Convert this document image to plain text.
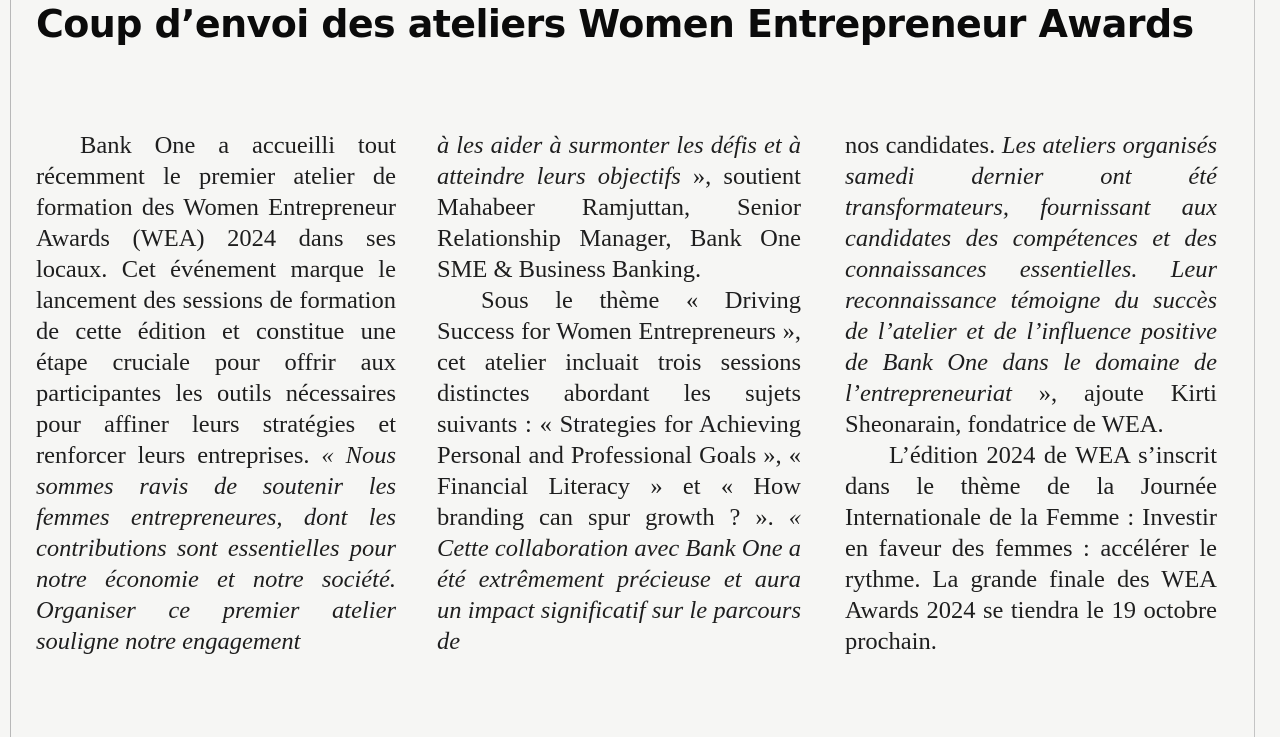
Coup d’envoi des ateliers Women Entrepreneur Awards

Bank One a accueilli tout récemment le premier atelier de formation des Women Entrepreneur Awards (WEA) 2024 dans ses locaux. Cet événement marque le lancement des sessions de formation de cette édition et constitue une étape cruciale pour offrir aux participantes les outils nécessaires pour affiner leurs stratégies et renforcer leurs entreprises. « Nous sommes ravis de soutenir les femmes entrepreneures, dont les contributions sont essentielles pour notre économie et notre société. Organiser ce premier atelier souligne notre engagement

à les aider à surmonter les défis et à atteindre leurs objectifs », soutient Mahabeer Ramjuttan, Senior Relationship Manager, Bank One SME & Business Banking.

Sous le thème « Driving Success for Women Entrepreneurs », cet atelier incluait trois sessions distinctes abordant les sujets suivants : « Strategies for Achieving Personal and Professional Goals », « Financial Literacy » et « How branding can spur growth ? ». « Cette collaboration avec Bank One a été extrêmement précieuse et aura un impact significatif sur le parcours de

nos candidates. Les ateliers organisés samedi dernier ont été transformateurs, fournissant aux candidates des compétences et des connaissances essentielles. Leur reconnaissance témoigne du succès de l’atelier et de l’influence positive de Bank One dans le domaine de l’entrepreneuriat », ajoute Kirti Sheonarain, fondatrice de WEA.

L’édition 2024 de WEA s’inscrit dans le thème de la Journée Internationale de la Femme : Investir en faveur des femmes : accélérer le rythme. La grande finale des WEA Awards 2024 se tiendra le 19 octobre prochain.
